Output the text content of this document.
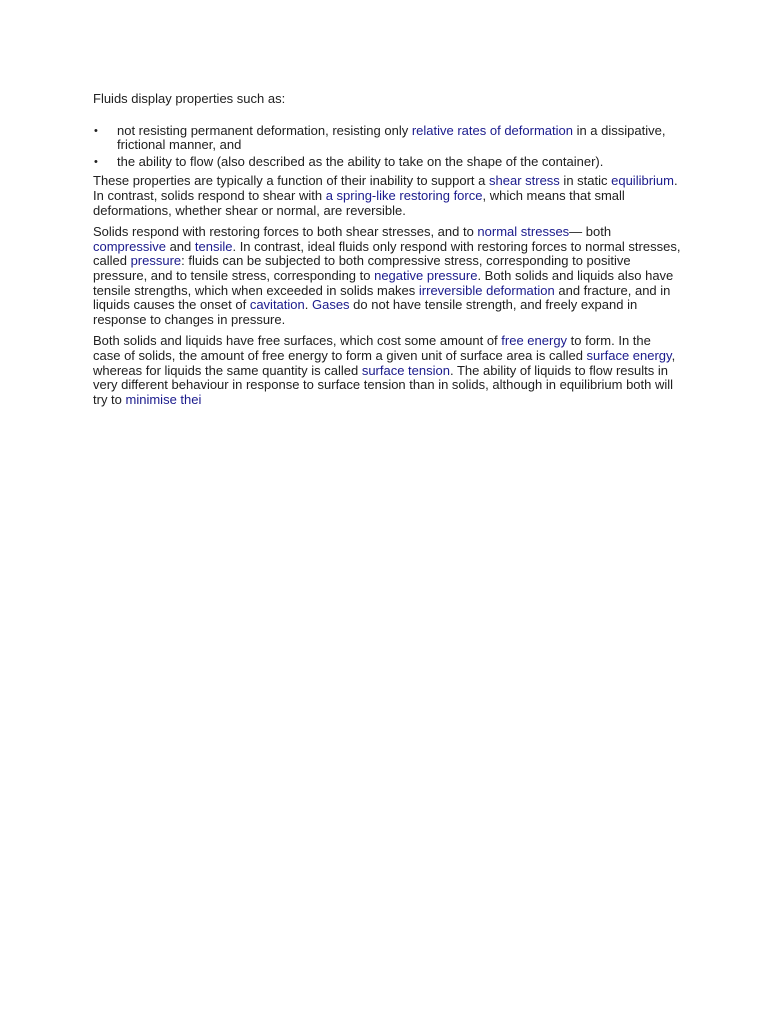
Fluids display properties such as:

• not resisting permanent deformation, resisting only relative rates of deformation in a dissipative, frictional manner, and
• the ability to flow (also described as the ability to take on the shape of the container).

These properties are typically a function of their inability to support a shear stress in static equilibrium. In contrast, solids respond to shear with a spring-like restoring force, which means that small deformations, whether shear or normal, are reversible.

Solids respond with restoring forces to both shear stresses, and to normal stresses— both compressive and tensile. In contrast, ideal fluids only respond with restoring forces to normal stresses, called pressure: fluids can be subjected to both compressive stress, corresponding to positive pressure, and to tensile stress, corresponding to negative pressure. Both solids and liquids also have tensile strengths, which when exceeded in solids makes irreversible deformation and fracture, and in liquids causes the onset of cavitation. Gases do not have tensile strength, and freely expand in response to changes in pressure.

Both solids and liquids have free surfaces, which cost some amount of free energy to form. In the case of solids, the amount of free energy to form a given unit of surface area is called surface energy, whereas for liquids the same quantity is called surface tension. The ability of liquids to flow results in very different behaviour in response to surface tension than in solids, although in equilibrium both will try to minimise thei
